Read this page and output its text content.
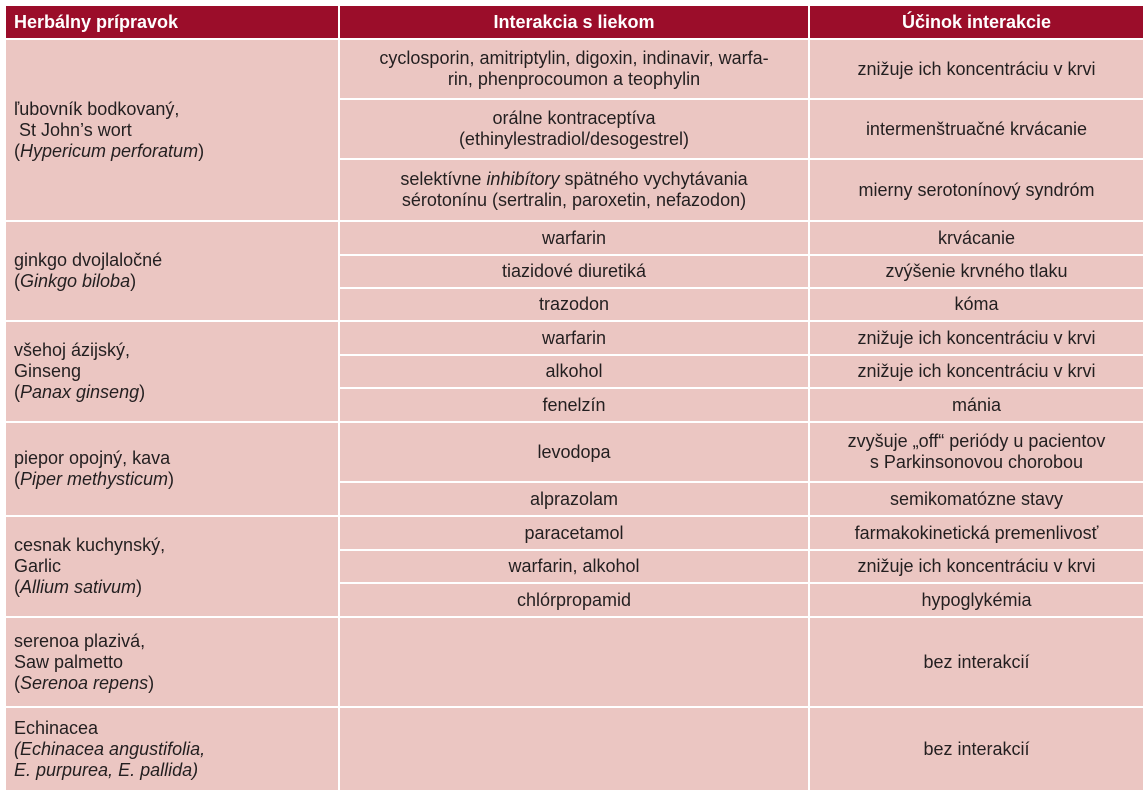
Herbálny prípravok	Interakcia s liekom	Účinok interakcie

ľubovník bodkovaný,
St John’s wort
(Hypericum perforatum)	cyclosporin, amitriptylin, digoxin, indinavir, warfa-
rin, phenprocoumon a teophylin	znižuje ich koncentráciu v krvi

	orálne kontraceptíva
(ethinylestradiol/desogestrel)	intermenštruačné krvácanie

	selektívne inhibítory spätného vychytávania
sérotonínu (sertralin, paroxetin, nefazodon)	mierny serotonínový syndróm

ginkgo dvojlaločné
(Ginkgo biloba)	warfarin	krvácanie
	tiazidové diuretiká	zvýšenie krvného tlaku
	trazodon	kóma

všehoj ázijský,
Ginseng
(Panax ginseng)	warfarin	znižuje ich koncentráciu v krvi
	alkohol	znižuje ich koncentráciu v krvi
	fenelzín	mánia

piepor opojný, kava
(Piper methysticum)	levodopa	zvyšuje „off“ periódy u pacientov
s Parkinsonovou chorobou

	alprazolam	semikomatózne stavy

cesnak kuchynský,
Garlic
(Allium sativum)	paracetamol	farmakokinetická premenlivosť
	warfarin, alkohol	znižuje ich koncentráciu v krvi
	chlórpropamid	hypoglykémia

serenoa plazivá,
Saw palmetto
(Serenoa repens)		bez interakcií

Echinacea
(Echinacea angustifolia,
E. purpurea, E. pallida)		bez interakcií
